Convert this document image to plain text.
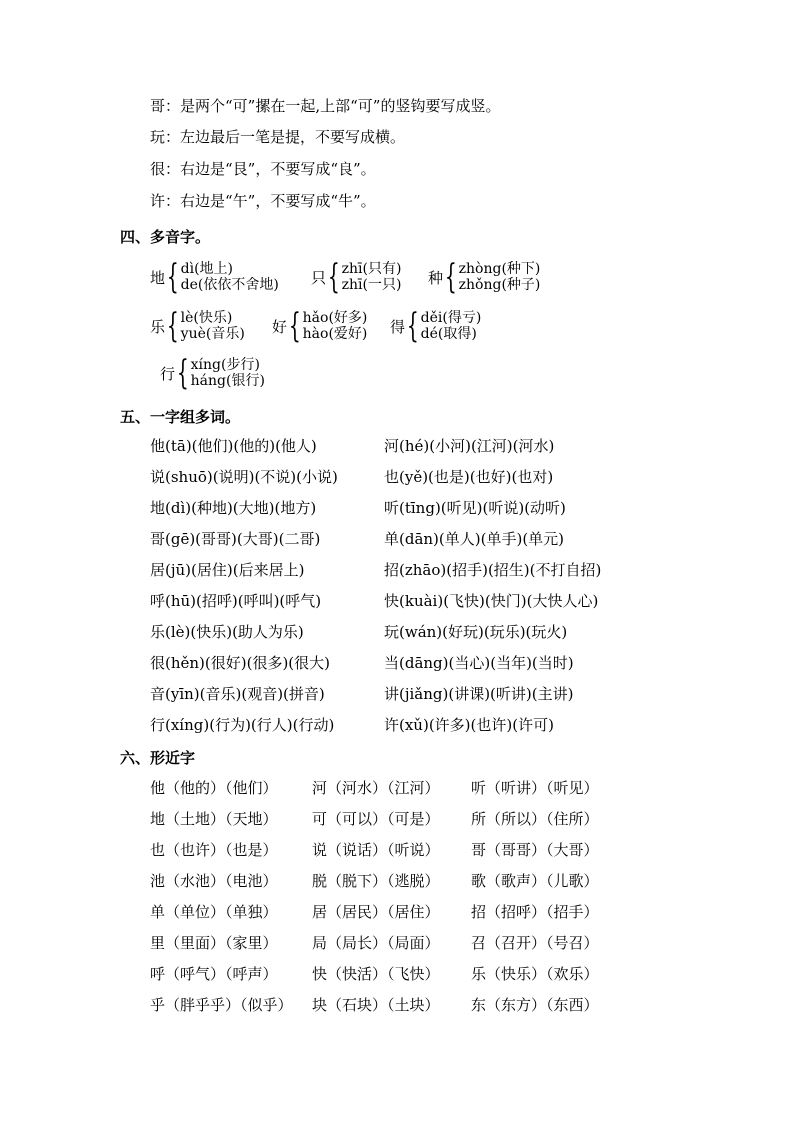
哥：是两个“可”摞在一起,上部“可”的竖钩要写成竖。
玩：左边最后一笔是提，不要写成横。
很：右边是“艮”，不要写成“良”。
许：右边是“午”，不要写成“牛”。
四、多音字。
地 { dì(地上)
de(依依不舍地) 只 { zhī(只有)
zhī(一只) 种 { zhòng(种下)
zhǒng(种子)
乐 { lè(快乐)
yuè(音乐) 好 { hǎo(好多)
hào(爱好) 得 { děi(得亏)
dé(取得)
行 { xíng(步行)
háng(银行)
五、一字组多词。
他(tā)(他们)(他的)(他人)
说(shuō)(说明)(不说)(小说)
地(dì)(种地)(大地)(地方)
哥(gē)(哥哥)(大哥)(二哥)
居(jū)(居住)(后来居上)
呼(hū)(招呼)(呼叫)(呼气)
乐(lè)(快乐)(助人为乐)
很(hěn)(很好)(很多)(很大)
音(yīn)(音乐)(观音)(拼音)
行(xíng)(行为)(行人)(行动)
河(hé)(小河)(江河)(河水)
也(yě)(也是)(也好)(也对)
听(tīng)(听见)(听说)(动听)
单(dān)(单人)(单手)(单元)
招(zhāo)(招手)(招生)(不打自招)
快(kuài)(飞快)(快门)(大快人心)
玩(wán)(好玩)(玩乐)(玩火)
当(dāng)(当心)(当年)(当时)
讲(jiǎng)(讲课)(听讲)(主讲)
许(xǔ)(许多)(也许)(许可)
六、形近字
他（他的）（他们） 河（河水）（江河） 听（听讲）（听见）
地（土地）（天地） 可（可以）（可是） 所（所以）（住所）
也（也许）（也是） 说（说话）（听说） 哥（哥哥）（大哥）
池（水池）（电池） 脱（脱下）（逃脱） 歌（歌声）（儿歌）
单（单位）（单独） 居（居民）（居住） 招（招呼）（招手）
里（里面）（家里） 局（局长）（局面） 召（召开）（号召）
呼（呼气）（呼声） 快（快活）（飞快） 乐（快乐）（欢乐）
乎（胖乎乎）（似乎） 块（石块）（土块） 东（东方）（东西）
